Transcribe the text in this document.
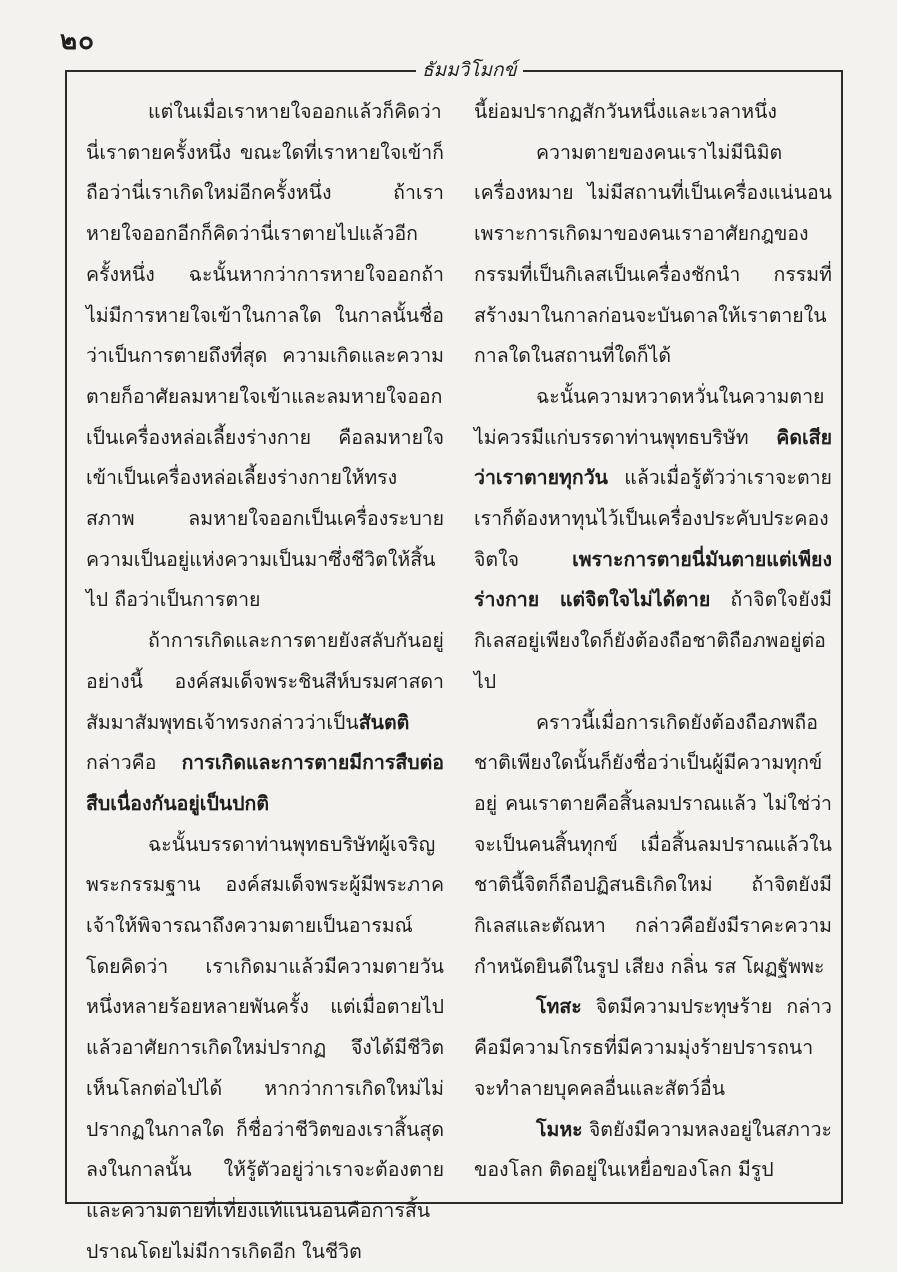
๒๐
ธัมมวิโมกข์

แต่ในเมื่อเราหายใจออกแล้วก็คิดว่านี่เราตายครั้งหนึ่ง ขณะใดที่เราหายใจเข้าก็ถือว่านี่เราเกิดใหม่อีกครั้งหนึ่ง ถ้าเราหายใจออกอีกก็คิดว่านี่เราตายไปแล้วอีกครั้งหนึ่ง ฉะนั้นหากว่าการหายใจออกถ้าไม่มีการหายใจเข้าในกาลใด ในกาลนั้นชื่อว่าเป็นการตายถึงที่สุด ความเกิดและความตายก็อาศัยลมหายใจเข้าและลมหายใจออกเป็นเครื่องหล่อเลี้ยงร่างกาย คือลมหายใจเข้าเป็นเครื่องหล่อเลี้ยงร่างกายให้ทรงสภาพ ลมหายใจออกเป็นเครื่องระบายความเป็นอยู่แห่งความเป็นมาซึ่งชีวิตให้สิ้นไป ถือว่าเป็นการตาย

ถ้าการเกิดและการตายยังสลับกันอยู่อย่างนี้ องค์สมเด็จพระชินสีห์บรมศาสดาสัมมาสัมพุทธเจ้าทรงกล่าวว่าเป็นสันตติ กล่าวคือ การเกิดและการตายมีการสืบต่อสืบเนื่องกันอยู่เป็นปกติ

ฉะนั้นบรรดาท่านพุทธบริษัทผู้เจริญพระกรรมฐาน องค์สมเด็จพระผู้มีพระภาคเจ้าให้พิจารณาถึงความตายเป็นอารมณ์ โดยคิดว่า เราเกิดมาแล้วมีความตายวันหนึ่งหลายร้อยหลายพันครั้ง แต่เมื่อตายไปแล้วอาศัยการเกิดใหม่ปรากฏ จึงได้มีชีวิตเห็นโลกต่อไปได้ หากว่าการเกิดใหม่ไม่ปรากฏในกาลใด ก็ชื่อว่าชีวิตของเราสิ้นสุดลงในกาลนั้น ให้รู้ตัวอยู่ว่าเราจะต้องตาย และความตายที่เที่ยงแท้แน่นอนคือการสิ้นปราณโดยไม่มีการเกิดอีก ในชีวิต

นี้ย่อมปรากฏสักวันหนึ่งและเวลาหนึ่ง

ความตายของคนเราไม่มีนิมิตเครื่องหมาย ไม่มีสถานที่เป็นเครื่องแน่นอน เพราะการเกิดมาของคนเราอาศัยกฎของกรรมที่เป็นกิเลสเป็นเครื่องชักนำ กรรมที่สร้างมาในกาลก่อนจะบันดาลให้เราตายในกาลใดในสถานที่ใดก็ได้

ฉะนั้นความหวาดหวั่นในความตายไม่ควรมีแก่บรรดาท่านพุทธบริษัท คิดเสียว่าเราตายทุกวัน แล้วเมื่อรู้ตัวว่าเราจะตายเราก็ต้องหาทุนไว้เป็นเครื่องประคับประคองจิตใจ เพราะการตายนี่มันตายแต่เพียงร่างกาย แต่จิตใจไม่ได้ตาย ถ้าจิตใจยังมีกิเลสอยู่เพียงใดก็ยังต้องถือชาติถือภพอยู่ต่อไป

คราวนี้เมื่อการเกิดยังต้องถือภพถือชาติเพียงใดนั้นก็ยังชื่อว่าเป็นผู้มีความทุกข์อยู่ คนเราตายคือสิ้นลมปราณแล้ว ไม่ใช่ว่าจะเป็นคนสิ้นทุกข์ เมื่อสิ้นลมปราณแล้วในชาตินี้จิตก็ถือปฏิสนธิเกิดใหม่ ถ้าจิตยังมีกิเลสและตัณหา กล่าวคือยังมีราคะความกำหนัดยินดีในรูป เสียง กลิ่น รส โผฏฐัพพะ

โทสะ จิตมีความประทุษร้าย กล่าวคือมีความโกรธที่มีความมุ่งร้ายปรารถนาจะทำลายบุคคลอื่นและสัตว์อื่น

โมหะ จิตยังมีความหลงอยู่ในสภาวะของโลก ติดอยู่ในเหยื่อของโลก มีรูป
